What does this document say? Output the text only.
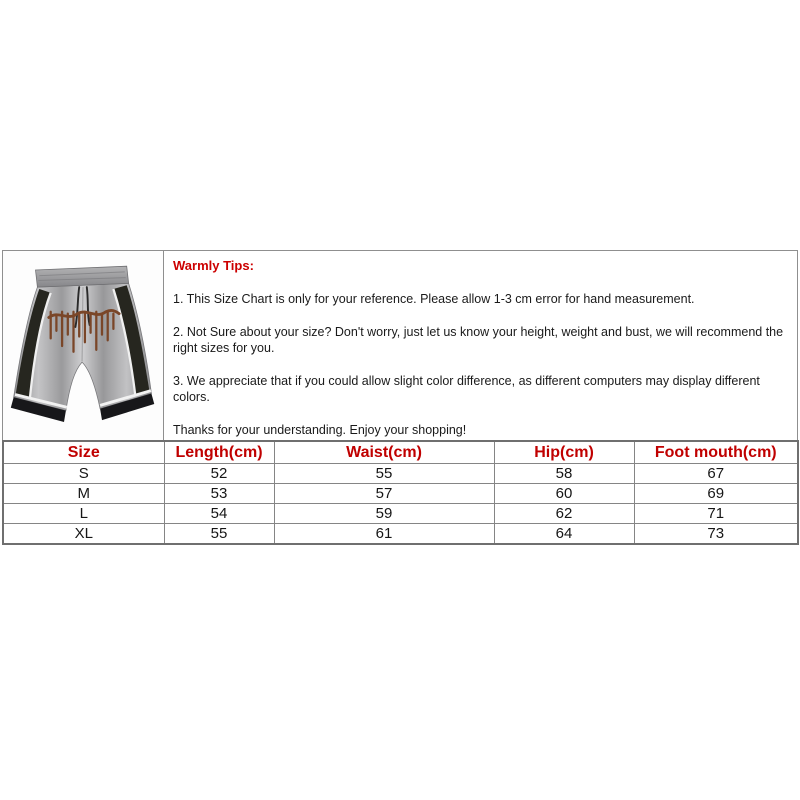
Warmly Tips:

1. This Size Chart is only for your reference. Please allow 1-3 cm error for hand measurement.

2. Not Sure about your size? Don't worry, just let us know your height, weight and bust, we will recommend the right sizes for you.

3. We appreciate that if you could allow slight color difference, as different computers may display different colors.

Thanks for your understanding. Enjoy your shopping!

Size	Length(cm)	Waist(cm)	Hip(cm)	Foot mouth(cm)
S	52	55	58	67
M	53	57	60	69
L	54	59	62	71
XL	55	61	64	73
